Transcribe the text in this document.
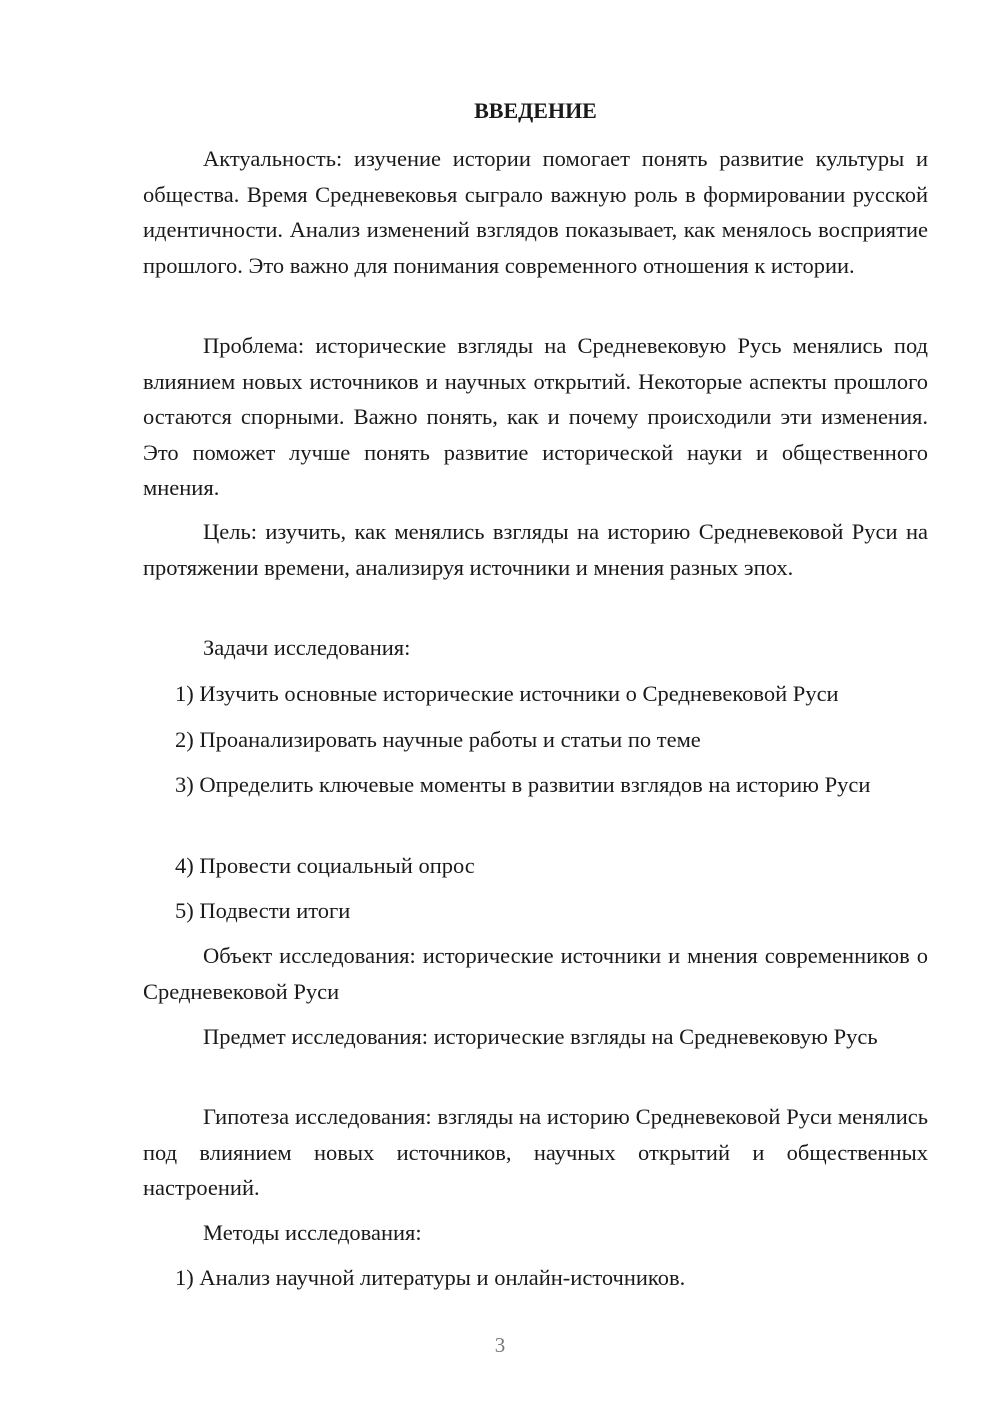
ВВЕДЕНИЕ

Актуальность: изучение истории помогает понять развитие культуры и общества. Время Средневековья сыграло важную роль в формировании русской идентичности. Анализ изменений взглядов показывает, как менялось восприятие прошлого. Это важно для понимания современного отношения к истории.

Проблема: исторические взгляды на Средневековую Русь менялись под влиянием новых источников и научных открытий. Некоторые аспекты прошлого остаются спорными. Важно понять, как и почему происходили эти изменения. Это поможет лучше понять развитие исторической науки и общественного мнения.

Цель: изучить, как менялись взгляды на историю Средневековой Руси на протяжении времени, анализируя источники и мнения разных эпох.

Задачи исследования:

1) Изучить основные исторические источники о Средневековой Руси

2) Проанализировать научные работы и статьи по теме

3) Определить ключевые моменты в развитии взглядов на историю Руси

4) Провести социальный опрос

5) Подвести итоги

Объект исследования: исторические источники и мнения современников о Средневековой Руси

Предмет исследования: исторические взгляды на Средневековую Русь

Гипотеза исследования: взгляды на историю Средневековой Руси менялись под влиянием новых источников, научных открытий и общественных настроений.

Методы исследования:

1) Анализ научной литературы и онлайн-источников.

3
